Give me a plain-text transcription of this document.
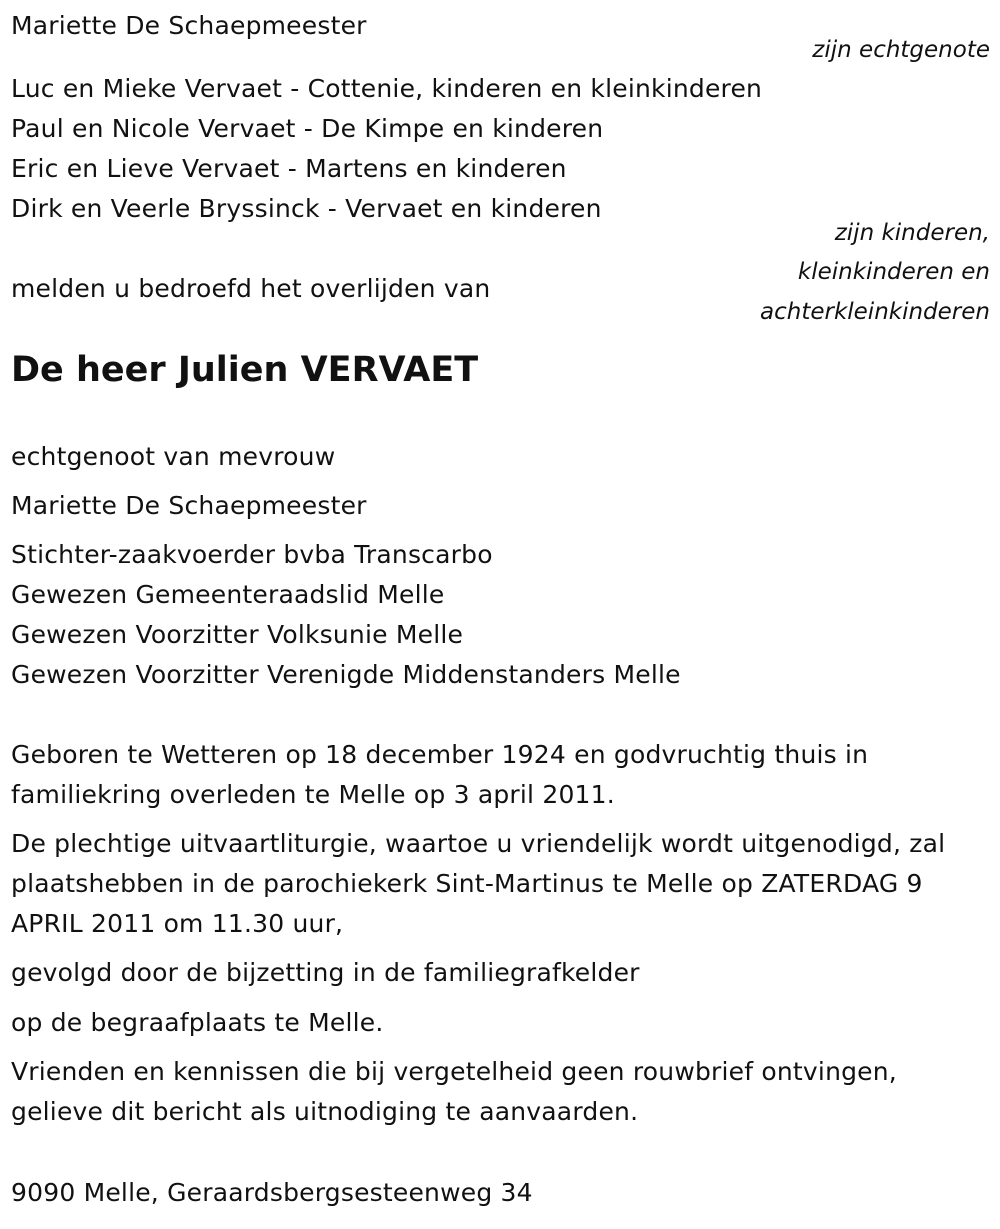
Mariette De Schaepmeester
zijn echtgenote
Luc en Mieke Vervaet - Cottenie, kinderen en kleinkinderen
Paul en Nicole Vervaet - De Kimpe en kinderen
Eric en Lieve Vervaet - Martens en kinderen
Dirk en Veerle Bryssinck - Vervaet en kinderen
zijn kinderen,
kleinkinderen en
achterkleinkinderen
melden u bedroefd het overlijden van
De heer Julien VERVAET
echtgenoot van mevrouw
Mariette De Schaepmeester
Stichter-zaakvoerder bvba Transcarbo
Gewezen Gemeenteraadslid Melle
Gewezen Voorzitter Volksunie Melle
Gewezen Voorzitter Verenigde Middenstanders Melle
Geboren te Wetteren op 18 december 1924 en godvruchtig thuis in
familiekring overleden te Melle op 3 april 2011.
De plechtige uitvaartliturgie, waartoe u vriendelijk wordt uitgenodigd, zal
plaatshebben in de parochiekerk Sint-Martinus te Melle op ZATERDAG 9
APRIL 2011 om 11.30 uur,
gevolgd door de bijzetting in de familiegrafkelder
op de begraafplaats te Melle.
Vrienden en kennissen die bij vergetelheid geen rouwbrief ontvingen,
gelieve dit bericht als uitnodiging te aanvaarden.
9090 Melle, Geraardsbergsesteenweg 34
